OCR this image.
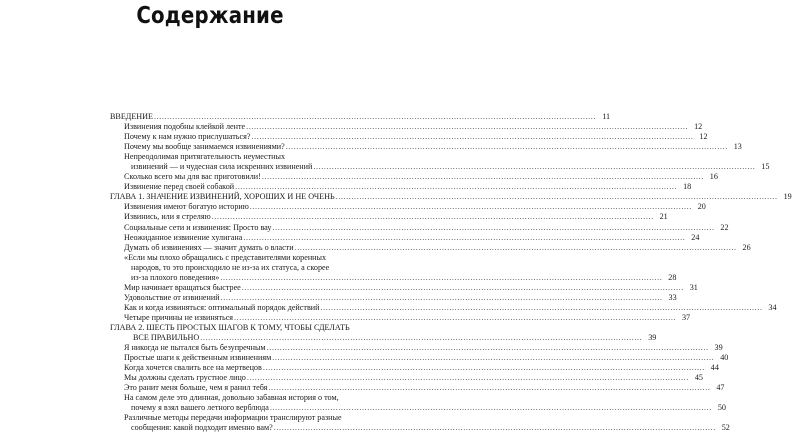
Содержание
ВВЕДЕНИЕ .....	11
Извинения подобны клейкой ленте .....	12
Почему к нам нужно прислушаться? .....	12
Почему мы вообще занимаемся извинениями? .....	13
Непреодолимая притягательность неуместных
извинений — и чудесная сила искренних извинений .....	15
Сколько всего мы для вас приготовили! .....	16
Извинение перед своей собакой .....	18
ГЛАВА 1. ЗНАЧЕНИЕ ИЗВИНЕНИЙ, ХОРОШИХ И НЕ ОЧЕНЬ .....	19
Извинения имеют богатую историю .....	20
Извинись, или я стреляю .....	21
Социальные сети и извинения: Просто вау .....	22
Неожиданное извинение хулигана .....	24
Думать об извинениях — значит думать о власти .....	26
«Если мы плохо обращались с представителями коренных
народов, то это происходило не из-за их статуса, а скорее
из-за плохого поведения» .....	28
Мир начинает вращаться быстрее .....	31
Удовольствие от извинений .....	33
Как и когда извиняться: оптимальный порядок действий .....	34
Четыре причины не извиняться .....	37
ГЛАВА 2. ШЕСТЬ ПРОСТЫХ ШАГОВ К ТОМУ, ЧТОБЫ СДЕЛАТЬ
ВСЕ ПРАВИЛЬНО .....	39
Я никогда не пытался быть безупречным .....	39
Простые шаги к действенным извинениям .....	40
Когда хочется свалить все на мертвецов .....	44
Мы должны сделать грустное лицо .....	45
Это ранит меня больше, чем я ранил тебя .....	47
На самом деле это длинная, довольно забавная история о том,
почему я взял вашего летного верблюда .....	50
Различные методы передачи информации транслируют разные
сообщения: какой подходит именно вам? .....	52
